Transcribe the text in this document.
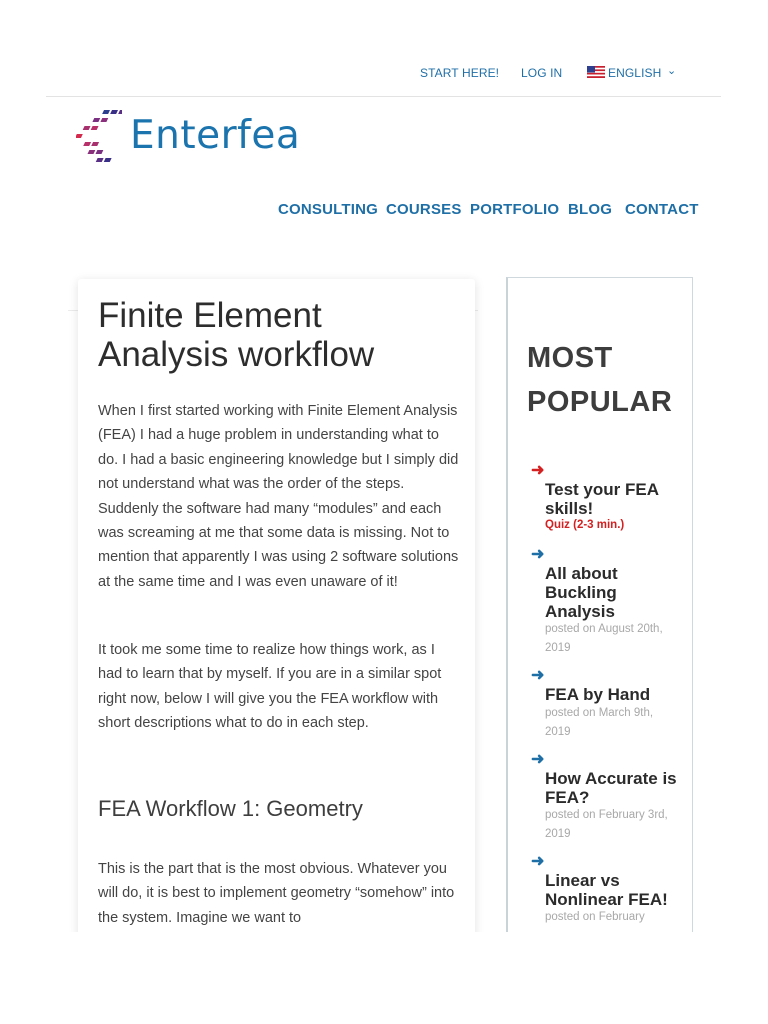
START HERE! LOG IN	ENGLISH ⌄
Enterfea
CONSULTING COURSES PORTFOLIO BLOG CONTACT
Finite Element
Analysis workflow

When I first started working with Finite Element Analysis (FEA) I had a huge problem in understanding what to do. I had a basic engineering knowledge but I simply did not understand what was the order of the steps. Suddenly the software had many “modules” and each was screaming at me that some data is missing. Not to mention that apparently I was using 2 software solutions at the same time and I was even unaware of it!

It took me some time to realize how things work, as I had to learn that by myself. If you are in a similar spot right now, below I will give you the FEA workflow with short descriptions what to do in each step.

FEA Workflow 1: Geometry

This is the part that is the most obvious. Whatever you will do, it is best to implement geometry “somehow” into the system. Imagine we want to

MOST
POPULAR
➜
Test your FEA skills!
Quiz (2-3 min.)
➜
All about Buckling Analysis
posted on August 20th, 2019
➜
FEA by Hand
posted on March 9th, 2019
➜
How Accurate is FEA?
posted on February 3rd, 2019
➜
Linear vs Nonlinear FEA!
posted on February
